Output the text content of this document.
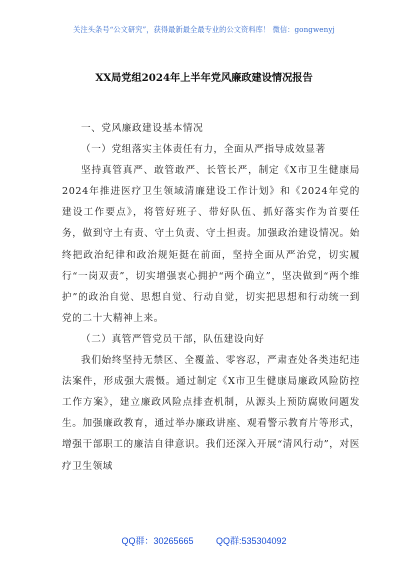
关注头条号“公文研究”，获得最新最全最专业的公文资料库！ 微信：gongwenyj
XX局党组2024年上半年党风廉政建设情况报告

一、党风廉政建设基本情况

（一）党组落实主体责任有力，全面从严指导成效显著

坚持真管真严、敢管敢严、长管长严，制定《X市卫生健康局2024年推进医疗卫生领域清廉建设工作计划》和《2024年党的建设工作要点》，将管好班子、带好队伍、抓好落实作为首要任务，做到守土有责、守土负责、守土担责。加强政治建设情况。始终把政治纪律和政治规矩挺在前面，坚持全面从严治党，切实履行“一岗双责”，切实增强衷心拥护“两个确立”，坚决做到“两个维护”的政治自觉、思想自觉、行动自觉，切实把思想和行动统一到党的二十大精神上来。

（二）真管严管党员干部，队伍建设向好

我们始终坚持无禁区、全覆盖、零容忍，严肃查处各类违纪违法案件，形成强大震慑。通过制定《X市卫生健康局廉政风险防控工作方案》，建立廉政风险点排查机制，从源头上预防腐败问题发生。加强廉政教育，通过举办廉政讲座、观看警示教育片等形式，增强干部职工的廉洁自律意识。我们还深入开展“清风行动”，对医疗卫生领域

QQ群：30265665	QQ群:535304092
